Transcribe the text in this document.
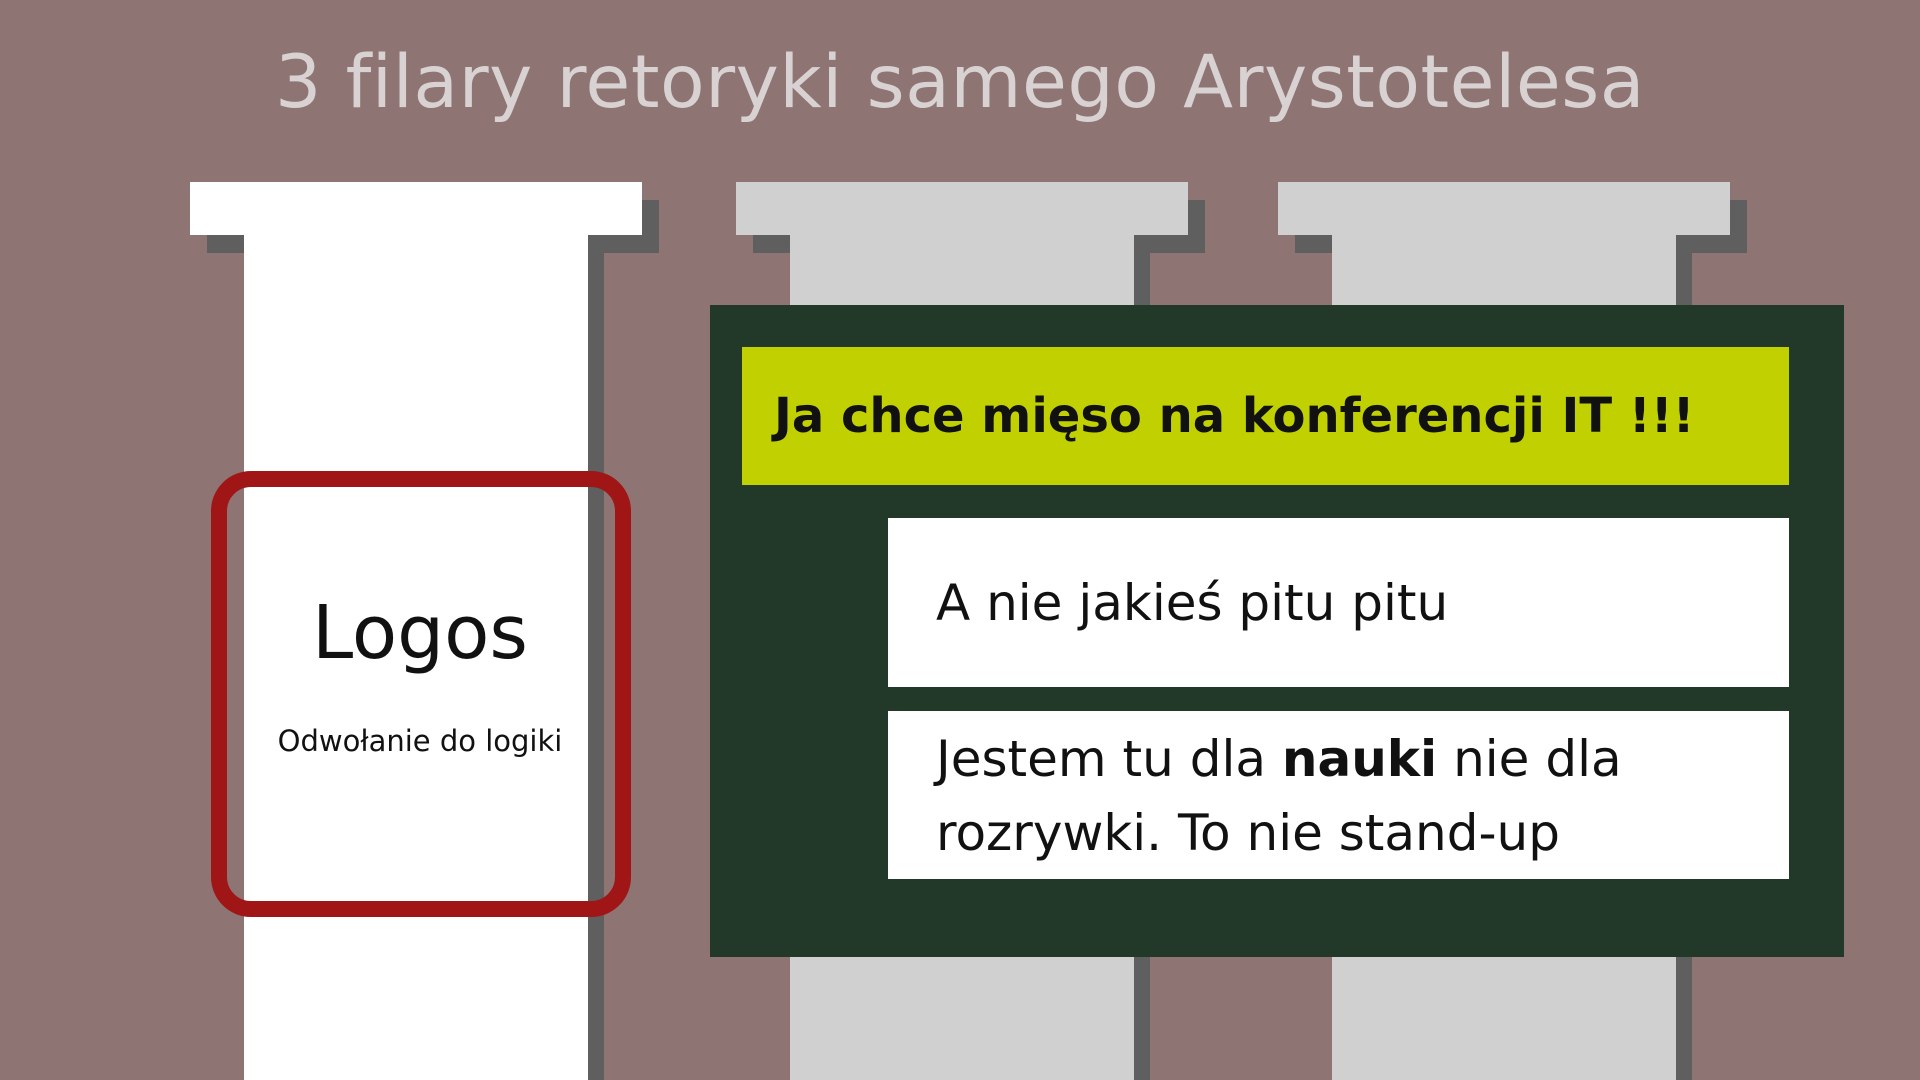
3 filary retoryki samego Arystotelesa
Logos
Odwołanie do logiki
Ja chce mięso na konferencji IT !!!
A nie jakieś pitu pitu
Jestem tu dla nauki nie dla rozrywki. To nie stand-up
